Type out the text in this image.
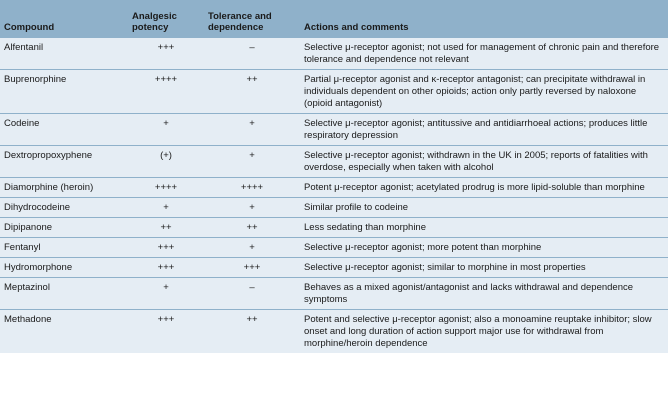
Compound	Analgesic potency	Tolerance and dependence	Actions and comments
Alfentanil	+++	–	Selective μ-receptor agonist; not used for management of chronic pain and therefore tolerance and dependence not relevant
Buprenorphine	++++	++	Partial μ-receptor agonist and κ-receptor antagonist; can precipitate withdrawal in individuals dependent on other opioids; action only partly reversed by naloxone (opioid antagonist)
Codeine	+	+	Selective μ-receptor agonist; antitussive and antidiarrhoeal actions; produces little respiratory depression
Dextropropoxyphene	(+)	+	Selective μ-receptor agonist; withdrawn in the UK in 2005; reports of fatalities with overdose, especially when taken with alcohol
Diamorphine (heroin)	++++	++++	Potent μ-receptor agonist; acetylated prodrug is more lipid-soluble than morphine
Dihydrocodeine	+	+	Similar profile to codeine
Dipipanone	++	++	Less sedating than morphine
Fentanyl	+++	+	Selective μ-receptor agonist; more potent than morphine
Hydromorphone	+++	+++	Selective μ-receptor agonist; similar to morphine in most properties
Meptazinol	+	–	Behaves as a mixed agonist/antagonist and lacks withdrawal and dependence symptoms
Methadone	+++	++	Potent and selective μ-receptor agonist; also a monoamine reuptake inhibitor; slow onset and long duration of action support major use for withdrawal from morphine/heroin dependence
